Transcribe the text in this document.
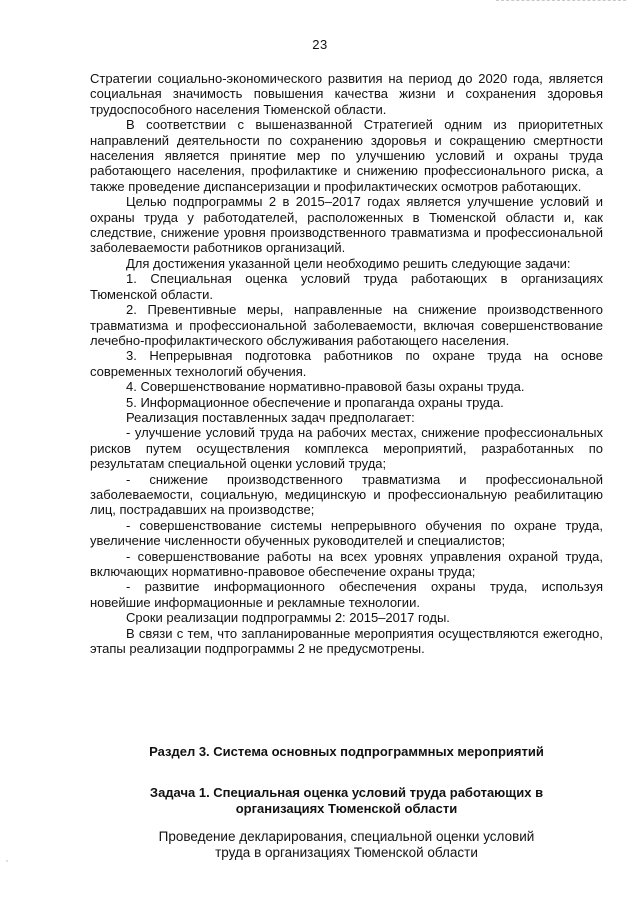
23

Стратегии социально-экономического развития на период до 2020 года, является социальная значимость повышения качества жизни и сохранения здоровья трудоспособного населения Тюменской области.

В соответствии с вышеназванной Стратегией одним из приоритетных направлений деятельности по сохранению здоровья и сокращению смертности населения является принятие мер по улучшению условий и охраны труда работающего населения, профилактике и снижению профессионального риска, а также проведение диспансеризации и профилактических осмотров работающих.

Целью подпрограммы 2 в 2015–2017 годах является улучшение условий и охраны труда у работодателей, расположенных в Тюменской области и, как следствие, снижение уровня производственного травматизма и профессиональной заболеваемости работников организаций.

Для достижения указанной цели необходимо решить следующие задачи:

1. Специальная оценка условий труда работающих в организациях Тюменской области.

2. Превентивные меры, направленные на снижение производственного травматизма и профессиональной заболеваемости, включая совершенствование лечебно-профилактического обслуживания работающего населения.

3. Непрерывная подготовка работников по охране труда на основе современных технологий обучения.

4. Совершенствование нормативно-правовой базы охраны труда.

5. Информационное обеспечение и пропаганда охраны труда.

Реализация поставленных задач предполагает:

- улучшение условий труда на рабочих местах, снижение профессиональных рисков путем осуществления комплекса мероприятий, разработанных по результатам специальной оценки условий труда;

- снижение производственного травматизма и профессиональной заболеваемости, социальную, медицинскую и профессиональную реабилитацию лиц, пострадавших на производстве;

- совершенствование системы непрерывного обучения по охране труда, увеличение численности обученных руководителей и специалистов;

- совершенствование работы на всех уровнях управления охраной труда, включающих нормативно-правовое обеспечение охраны труда;

- развитие информационного обеспечения охраны труда, используя новейшие информационные и рекламные технологии.

Сроки реализации подпрограммы 2: 2015–2017 годы.

В связи с тем, что запланированные мероприятия осуществляются ежегодно, этапы реализации подпрограммы 2 не предусмотрены.

Раздел 3. Система основных подпрограммных мероприятий
Задача 1. Специальная оценка условий труда работающих в организациях Тюменской области
Проведение декларирования, специальной оценки условий труда в организациях Тюменской области
